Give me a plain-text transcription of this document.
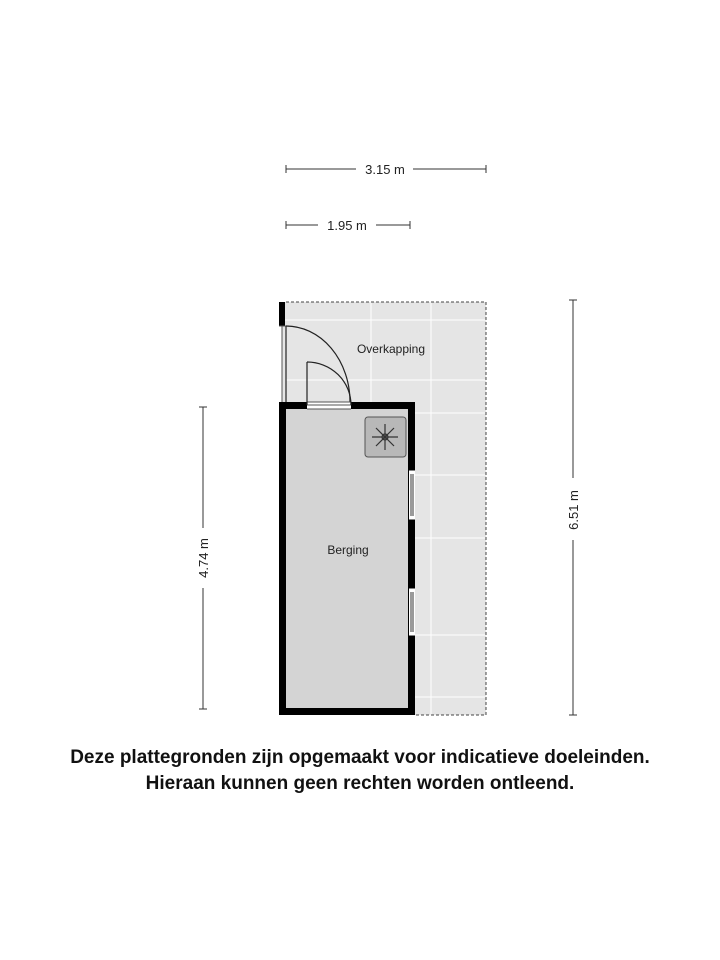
3.15 m
1.95 m
4.74 m
6.51 m
Overkapping
Berging

Deze plattegronden zijn opgemaakt voor indicatieve doeleinden.

Hieraan kunnen geen rechten worden ontleend.
